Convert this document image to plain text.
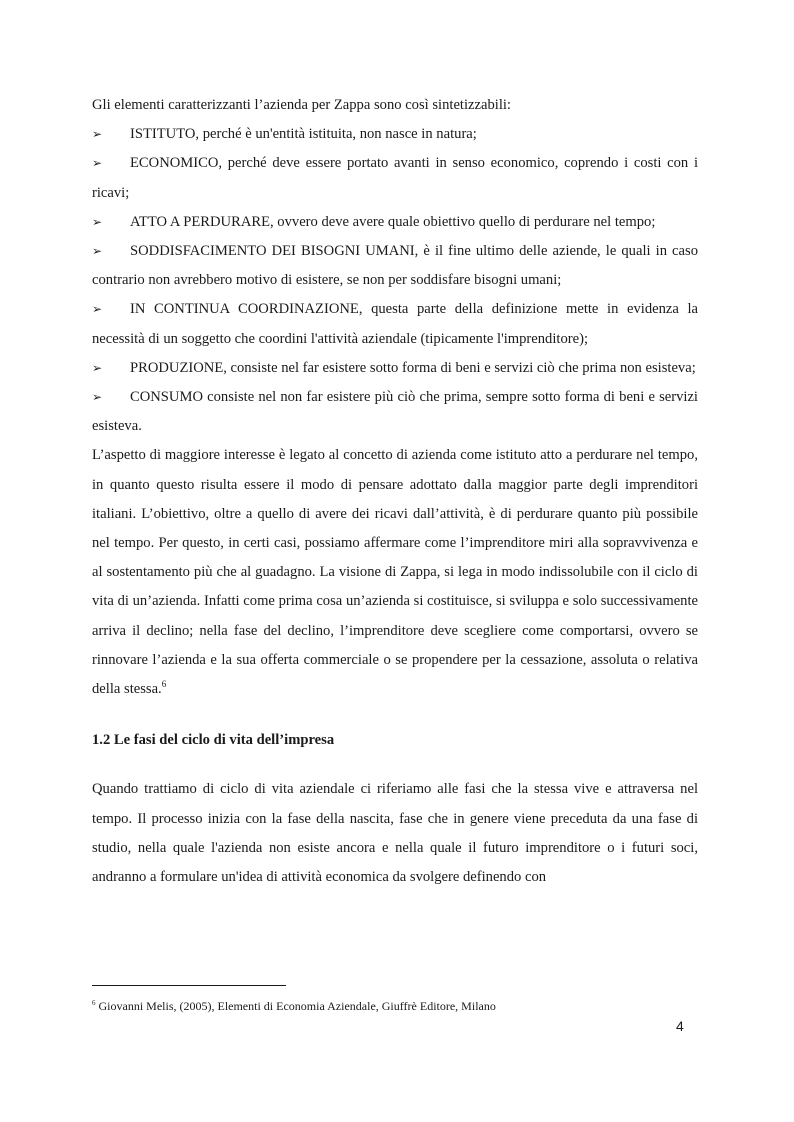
Gli elementi caratterizzanti l’azienda per Zappa sono così sintetizzabili:

➢ ISTITUTO, perché è un'entità istituita, non nasce in natura;

➢ ECONOMICO, perché deve essere portato avanti in senso economico, coprendo i costi con i ricavi;

➢ ATTO A PERDURARE, ovvero deve avere quale obiettivo quello di perdurare nel tempo;

➢ SODDISFACIMENTO DEI BISOGNI UMANI, è il fine ultimo delle aziende, le quali in caso contrario non avrebbero motivo di esistere, se non per soddisfare bisogni umani;

➢ IN CONTINUA COORDINAZIONE, questa parte della definizione mette in evidenza la necessità di un soggetto che coordini l'attività aziendale (tipicamente l'imprenditore);

➢ PRODUZIONE, consiste nel far esistere sotto forma di beni e servizi ciò che prima non esisteva;

➢ CONSUMO consiste nel non far esistere più ciò che prima, sempre sotto forma di beni e servizi esisteva.

L’aspetto di maggiore interesse è legato al concetto di azienda come istituto atto a perdurare nel tempo, in quanto questo risulta essere il modo di pensare adottato dalla maggior parte degli imprenditori italiani. L’obiettivo, oltre a quello di avere dei ricavi dall’attività, è di perdurare quanto più possibile nel tempo. Per questo, in certi casi, possiamo affermare come l’imprenditore miri alla sopravvivenza e al sostentamento più che al guadagno. La visione di Zappa, si lega in modo indissolubile con il ciclo di vita di un’azienda. Infatti come prima cosa un’azienda si costituisce, si sviluppa e solo successivamente arriva il declino; nella fase del declino, l’imprenditore deve scegliere come comportarsi, ovvero se rinnovare l’azienda e la sua offerta commerciale o se propendere per la cessazione, assoluta o relativa della stessa.$^6$

1.2 Le fasi del ciclo di vita dell’impresa

Quando trattiamo di ciclo di vita aziendale ci riferiamo alle fasi che la stessa vive e attraversa nel tempo. Il processo inizia con la fase della nascita, fase che in genere viene preceduta da una fase di studio, nella quale l'azienda non esiste ancora e nella quale il futuro imprenditore o i futuri soci, andranno a formulare un'idea di attività economica da svolgere definendo con

$^6$ Giovanni Melis, (2005), Elementi di Economia Aziendale, Giuffrè Editore, Milano
4
